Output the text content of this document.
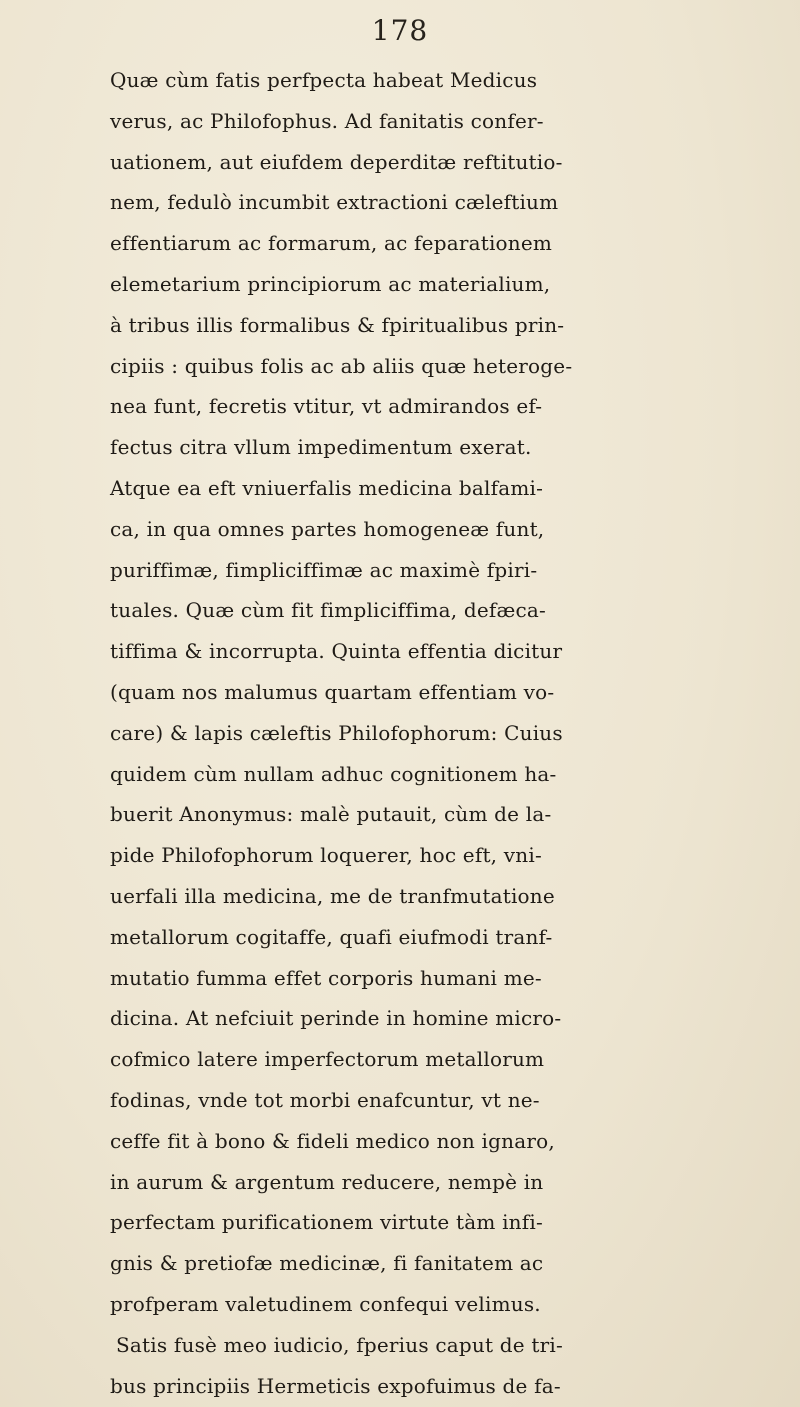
178
Quæ cùm fatis perfpecta habeat Medicus
verus, ac Philofophus. Ad fanitatis confer-
uationem, aut eiufdem deperditæ reftitutio-
nem, fedulò incumbit extractioni cæleftium
effentiarum ac formarum, ac feparationem
elemetarium principiorum ac materialium,
à tribus illis formalibus & fpiritualibus prin-
cipiis : quibus folis ac ab aliis quæ heteroge-
nea funt, fecretis vtitur, vt admirandos ef-
fectus citra vllum impedimentum exerat.
Atque ea eft vniuerfalis medicina balfami-
ca, in qua omnes partes homogeneæ funt,
puriffimæ, fimpliciffimæ ac maximè fpiri-
tuales. Quæ cùm fit fimpliciffima, defæca-
tiffima & incorrupta. Quinta effentia dicitur
(quam nos malumus quartam effentiam vo-
care) & lapis cæleftis Philofophorum: Cuius
quidem cùm nullam adhuc cognitionem ha-
buerit Anonymus: malè putauit, cùm de la-
pide Philofophorum loquerer, hoc eft, vni-
uerfali illa medicina, me de tranfmutatione
metallorum cogitaffe, quafi eiufmodi tranf-
mutatio fumma effet corporis humani me-
dicina. At nefciuit perinde in homine micro-
cofmico latere imperfectorum metallorum
fodinas, vnde tot morbi enafcuntur, vt ne-
ceffe fit à bono & fideli medico non ignaro,
in aurum & argentum reducere, nempè in
perfectam purificationem virtute tàm infi-
gnis & pretiofæ medicinæ, fi fanitatem ac
profperam valetudinem confequi velimus.
Satis fusè meo iudicio, fperius caput de tri-
bus principiis Hermeticis expofuimus de fa-
